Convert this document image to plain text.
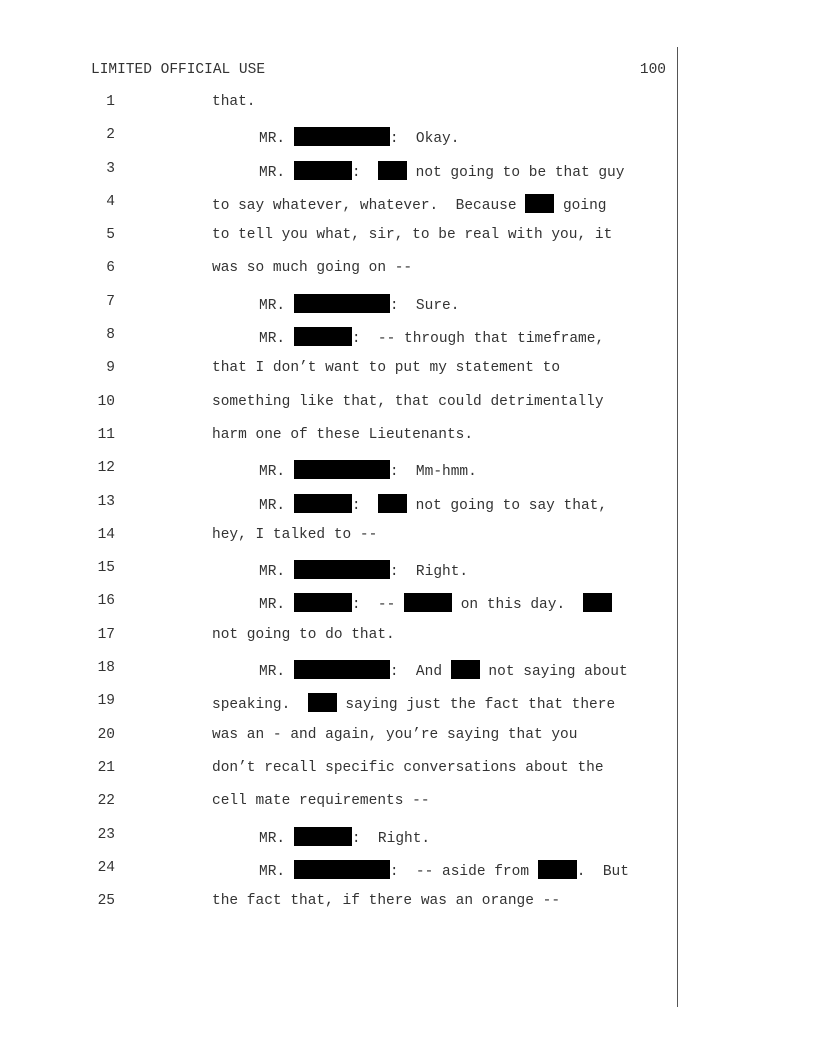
LIMITED OFFICIAL USE	100
1	that.
2	MR.	:  Okay.
3	MR.	:   not going to be that guy
4	to say whatever, whatever.  Because  going
5	to tell you what, sir, to be real with you, it
6	was so much going on --
7	MR.	:  Sure.
8	MR.	:  -- through that timeframe,
9	that I don’t want to put my statement to
10	something like that, that could detrimentally
11	harm one of these Lieutenants.
12	MR.	:  Mm-hmm.
13	MR.	:   not going to say that,
14	hey, I talked to --
15	MR.	:  Right.
16	MR.	:  --	on this day.
17	not going to do that.
18	MR.	:  And  not saying about
19	speaking.   saying just the fact that there
20	was an - and again, you’re saying that you
21	don’t recall specific conversations about the
22	cell mate requirements --
23	MR.	:  Right.
24	MR.	:  -- aside from	.  But
25	the fact that, if there was an orange --
